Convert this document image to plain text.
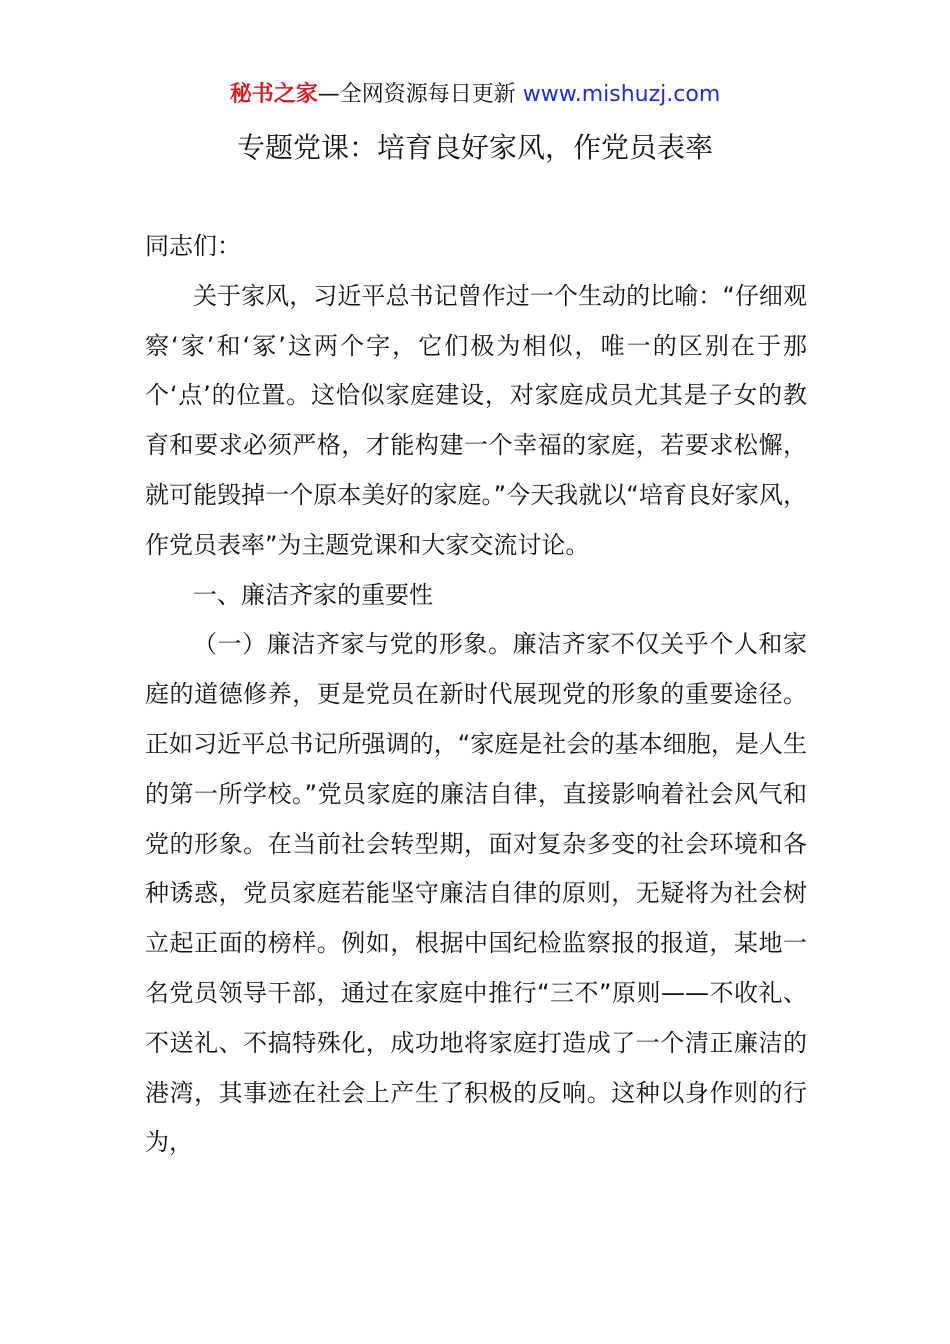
秘书之家—全网资源每日更新 www.mishuzj.com
专题党课：培育良好家风，作党员表率

同志们：

关于家风，习近平总书记曾作过一个生动的比喻：“仔细观察‘家’和‘冢’这两个字，它们极为相似，唯一的区别在于那个‘点’的位置。这恰似家庭建设，对家庭成员尤其是子女的教育和要求必须严格，才能构建一个幸福的家庭，若要求松懈，就可能毁掉一个原本美好的家庭。”今天我就以“培育良好家风，作党员表率”为主题党课和大家交流讨论。

一、廉洁齐家的重要性

（一）廉洁齐家与党的形象。廉洁齐家不仅关乎个人和家庭的道德修养，更是党员在新时代展现党的形象的重要途径。正如习近平总书记所强调的，“家庭是社会的基本细胞，是人生的第一所学校。”党员家庭的廉洁自律，直接影响着社会风气和党的形象。在当前社会转型期，面对复杂多变的社会环境和各种诱惑，党员家庭若能坚守廉洁自律的原则，无疑将为社会树立起正面的榜样。例如，根据中国纪检监察报的报道，某地一名党员领导干部，通过在家庭中推行“三不”原则——不收礼、不送礼、不搞特殊化，成功地将家庭打造成了一个清正廉洁的港湾，其事迹在社会上产生了积极的反响。这种以身作则的行为，
